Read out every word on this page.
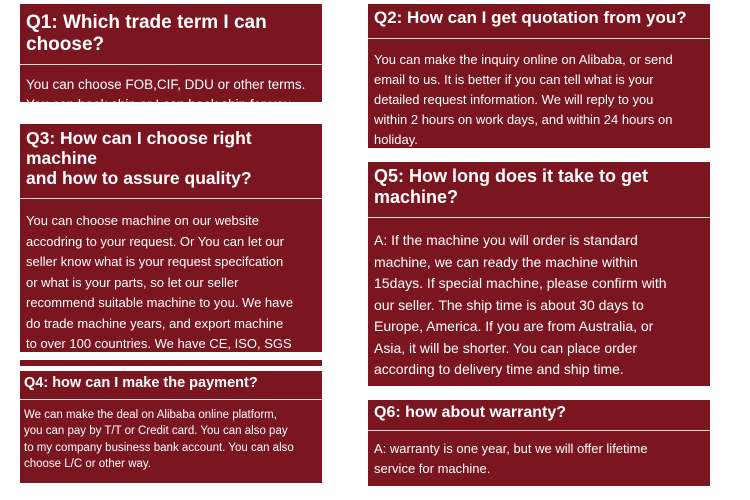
Q1: Which trade term I can choose?

You can choose FOB,CIF, DDU or other terms.
You can book ship or I can book ship for you.

Q2: How can I get quotation from you?

You can make the inquiry online on Alibaba, or send
email to us. It is better if you can tell what is your
detailed request information. We will reply to you
within 2 hours on work days, and within 24 hours on
holiday.

Q3: How can I choose right machine
and how to assure quality?

You can choose machine on our website
accodring to your request. Or You can let our
seller know what is your request specifcation
or what is your parts, so let our seller
recommend suitable machine to you. We have
do trade machine years, and export machine
to over 100 countries. We have CE, ISO, SGS

Q5: How long does it take to get
machine?

A: If the machine you will order is standard
machine, we can ready the machine within
15days. If special machine, please confirm with
our seller. The ship time is about 30 days to
Europe, America. If you are from Australia, or
Asia, it will be shorter. You can place order
according to delivery time and ship time.

Q4: how can I make the payment?

We can make the deal on Alibaba online platform,
you can pay by T/T or Credit card. You can also pay
to my company business bank account. You can also
choose L/C or other way.

Q6: how about warranty?

A: warranty is one year, but we will offer lifetime
service for machine.
